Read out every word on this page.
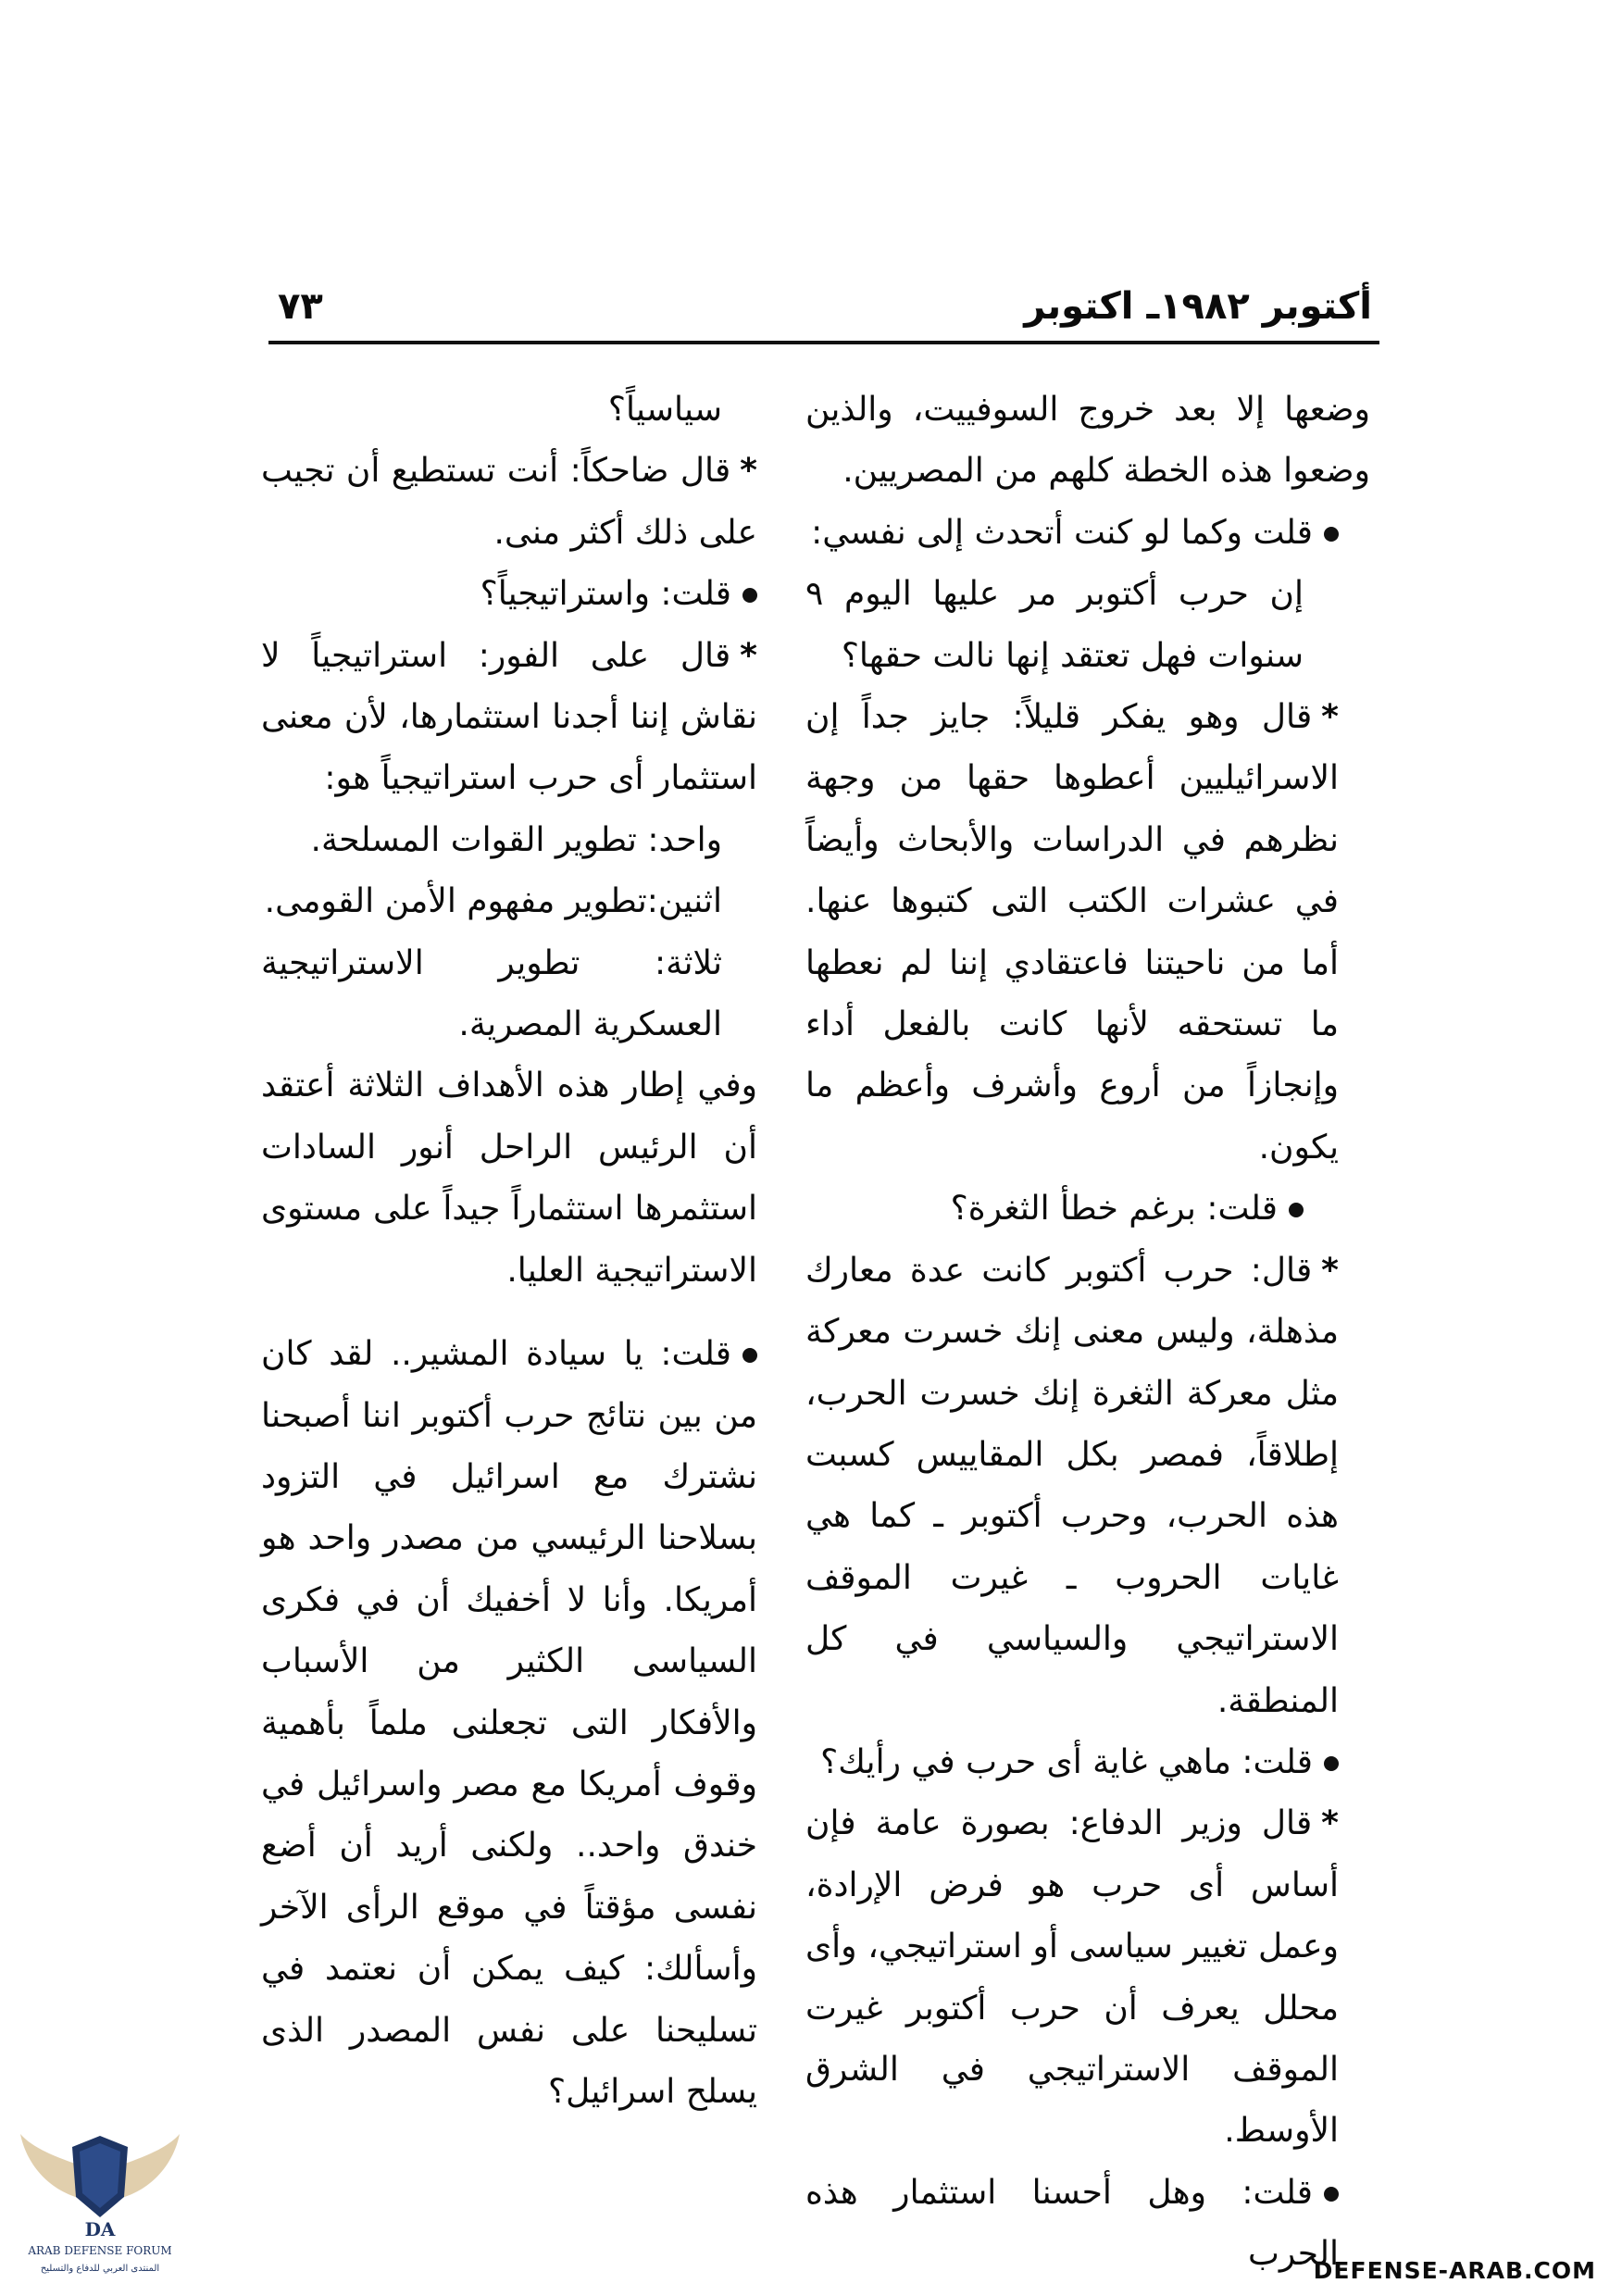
أكتوبر ١٩٨٢ـ اكتوبر
٧٣

وضعها إلا بعد خروج السوفييت، والذين وضعوا هذه الخطة كلهم من المصريين.

قلت وكما لو كنت أتحدث إلى نفسي:

إن حرب أكتوبر مر عليها اليوم ٩ سنوات فهل تعتقد إنها نالت حقها؟

*قال وهو يفكر قليلاً: جايز جداً إن الاسرائيليين أعطوها حقها من وجهة نظرهم في الدراسات والأبحاث وأيضاً في عشرات الكتب التى كتبوها عنها. أما من ناحيتنا فاعتقادي إننا لم نعطها ما تستحقه لأنها كانت بالفعل أداء وإنجازاً من أروع وأشرف وأعظم ما يكون.

قلت: برغم خطأ الثغرة؟

*قال: حرب أكتوبر كانت عدة معارك مذهلة، وليس معنى إنك خسرت معركة مثل معركة الثغرة إنك خسرت الحرب، إطلاقاً، فمصر بكل المقاييس كسبت هذه الحرب، وحرب أكتوبر ـ كما هي غايات الحروب ـ غيرت الموقف الاستراتيجي والسياسي في كل المنطقة.

قلت: ماهي غاية أى حرب في رأيك؟

*قال وزير الدفاع: بصورة عامة فإن أساس أى حرب هو فرض الإرادة، وعمل تغيير سياسى أو استراتيجي، وأى محلل يعرف أن حرب أكتوبر غيرت الموقف الاستراتيجي في الشرق الأوسط.

قلت: وهل أحسنا استثمار هذه الحرب

سياسياً؟

*قال ضاحكاً: أنت تستطيع أن تجيب على ذلك أكثر منى.

قلت: واستراتيجياً؟

*قال على الفور: استراتيجياً لا نقاش إننا أجدنا استثمارها، لأن معنى استثمار أى حرب استراتيجياً هو:

واحد: تطوير القوات المسلحة.

اثنين:تطوير مفهوم الأمن القومى.

ثلاثة: تطوير الاستراتيجية العسكرية المصرية.

وفي إطار هذه الأهداف الثلاثة أعتقد أن الرئيس الراحل أنور السادات استثمرها استثماراً جيداً على مستوى الاستراتيجية العليا.

قلت: يا سيادة المشير.. لقد كان من بين نتائج حرب أكتوبر اننا أصبحنا نشترك مع اسرائيل في التزود بسلاحنا الرئيسي من مصدر واحد هو أمريكا. وأنا لا أخفيك أن في فكرى السياسى الكثير من الأسباب والأفكار التى تجعلنى ملماً بأهمية وقوف أمريكا مع مصر واسرائيل في خندق واحد.. ولكنى أريد أن أضع نفسى مؤقتاً في موقع الرأى الآخر وأسألك: كيف يمكن أن نعتمد في تسليحنا على نفس المصدر الذى يسلح اسرائيل؟

DA
ARAB DEFENSE FORUM
المنتدى العربي للدفاع والتسليح	DEFENSE-ARAB.COM
